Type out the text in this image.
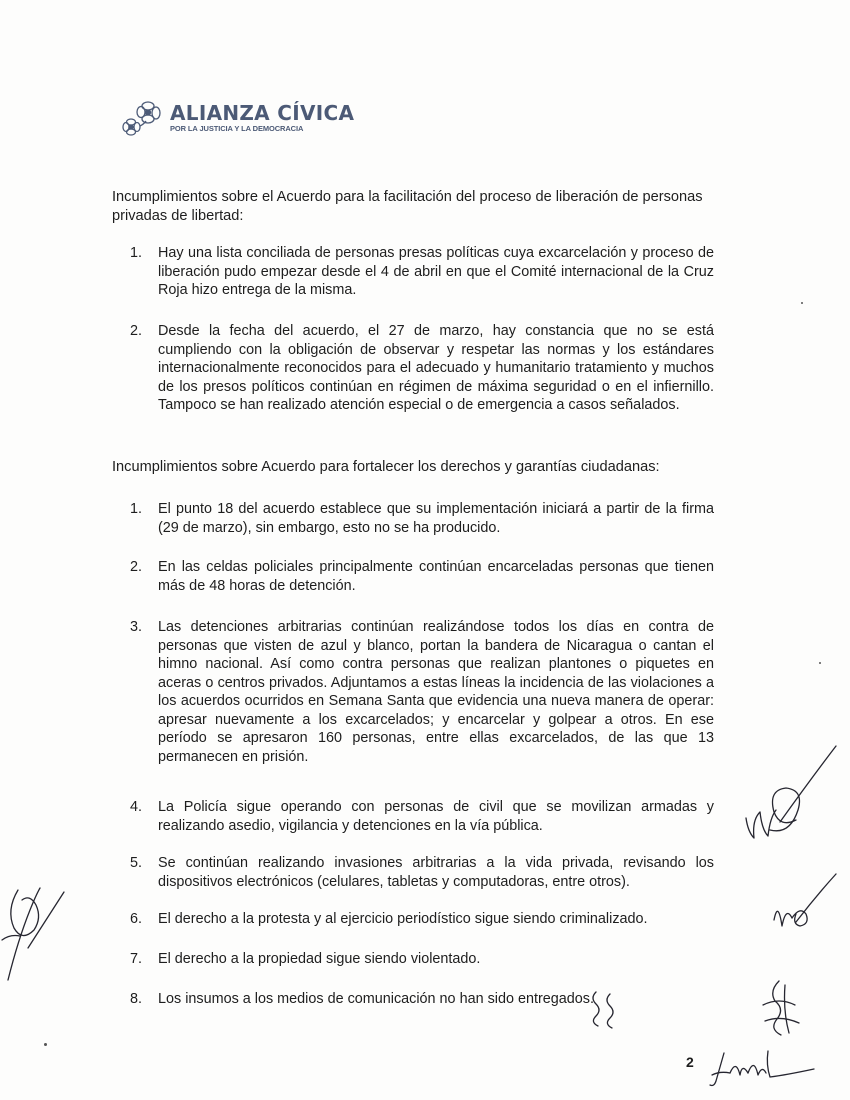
ALIANZA CÍVICA
POR LA JUSTICIA Y LA DEMOCRACIA

Incumplimientos sobre el Acuerdo para la facilitación del proceso de liberación de personas privadas de libertad:

1.	Hay una lista conciliada de personas presas políticas cuya excarcelación y proceso de liberación pudo empezar desde el 4 de abril en que el Comité internacional de la Cruz Roja hizo entrega de la misma.
2.	Desde la fecha del acuerdo, el 27 de marzo, hay constancia que no se está cumpliendo con la obligación de observar y respetar las normas y los estándares internacionalmente reconocidos para el adecuado y humanitario tratamiento y muchos de los presos políticos continúan en régimen de máxima seguridad o en el infiernillo. Tampoco se han realizado atención especial o de emergencia a casos señalados.

Incumplimientos sobre Acuerdo para fortalecer los derechos y garantías ciudadanas:

1.	El punto 18 del acuerdo establece que su implementación iniciará a partir de la firma (29 de marzo), sin embargo, esto no se ha producido.
2.	En las celdas policiales principalmente continúan encarceladas personas que tienen más de 48 horas de detención.
3.	Las detenciones arbitrarias continúan realizándose todos los días en contra de personas que visten de azul y blanco, portan la bandera de Nicaragua o cantan el himno nacional. Así como contra personas que realizan plantones o piquetes en aceras o centros privados. Adjuntamos a estas líneas la incidencia de las violaciones a los acuerdos ocurridos en Semana Santa que evidencia una nueva manera de operar: apresar nuevamente a los excarcelados; y encarcelar y golpear a otros. En ese período se apresaron 160 personas, entre ellas excarcelados, de las que 13 permanecen en prisión.
4.	La Policía sigue operando con personas de civil que se movilizan armadas y realizando asedio, vigilancia y detenciones en la vía pública.
5.	Se continúan realizando invasiones arbitrarias a la vida privada, revisando los dispositivos electrónicos (celulares, tabletas y computadoras, entre otros).
6.	El derecho a la protesta y al ejercicio periodístico sigue siendo criminalizado.
7.	El derecho a la propiedad sigue siendo violentado.
8.	Los insumos a los medios de comunicación no han sido entregados.
2
